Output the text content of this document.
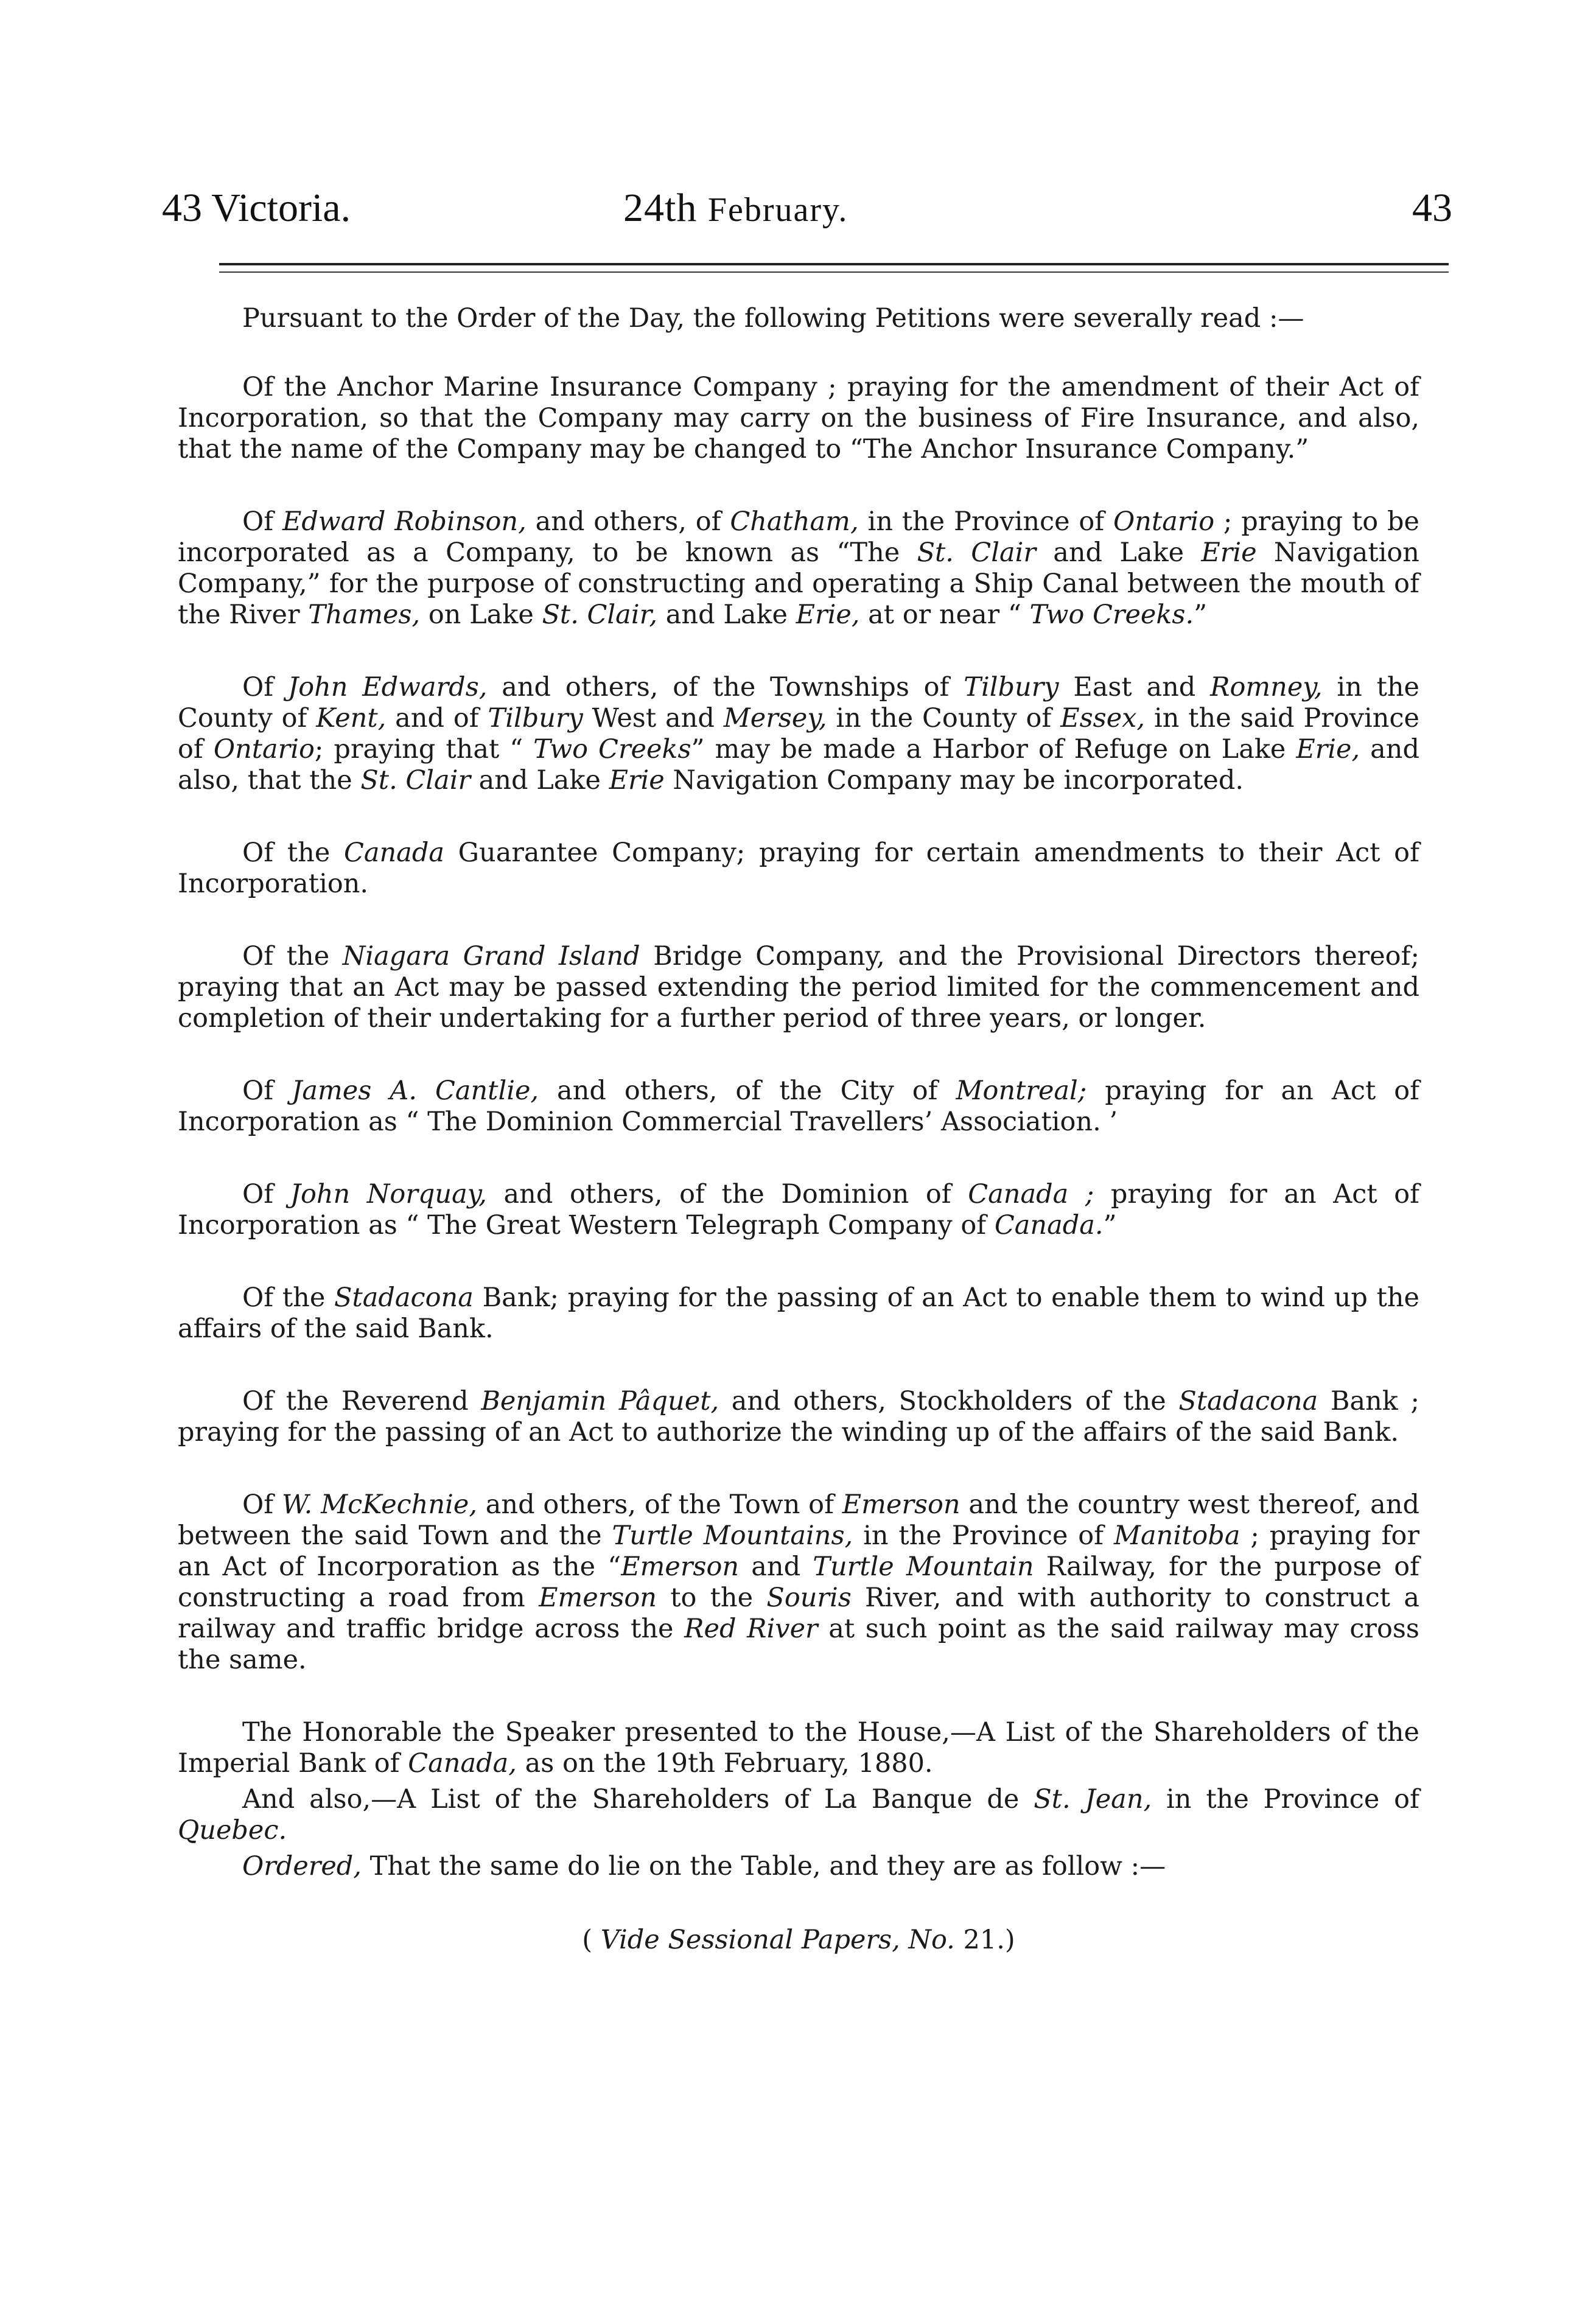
43 Victoria.	24th February.	43

Pursuant to the Order of the Day, the following Petitions were severally read :—

Of the Anchor Marine Insurance Company ; praying for the amendment of their Act of Incorporation, so that the Company may carry on the business of Fire Insurance, and also, that the name of the Company may be changed to “The Anchor Insurance Company.”

Of Edward Robinson, and others, of Chatham, in the Province of Ontario ; praying to be incorporated as a Company, to be known as “The St. Clair and Lake Erie Navigation Company,” for the purpose of constructing and operating a Ship Canal between the mouth of the River Thames, on Lake St. Clair, and Lake Erie, at or near “ Two Creeks.”

Of John Edwards, and others, of the Townships of Tilbury East and Romney, in the County of Kent, and of Tilbury West and Mersey, in the County of Essex, in the said Province of Ontario; praying that “ Two Creeks” may be made a Harbor of Refuge on Lake Erie, and also, that the St. Clair and Lake Erie Navigation Company may be incorporated.

Of the Canada Guarantee Company; praying for certain amendments to their Act of Incorporation.

Of the Niagara Grand Island Bridge Company, and the Provisional Directors thereof; praying that an Act may be passed extending the period limited for the commencement and completion of their undertaking for a further period of three years, or longer.

Of James A. Cantlie, and others, of the City of Montreal; praying for an Act of Incorporation as “ The Dominion Commercial Travellers’ Association. ’

Of John Norquay, and others, of the Dominion of Canada ; praying for an Act of Incorporation as “ The Great Western Telegraph Company of Canada.”

Of the Stadacona Bank; praying for the passing of an Act to enable them to wind up the affairs of the said Bank.

Of the Reverend Benjamin Pâquet, and others, Stockholders of the Stadacona Bank ; praying for the passing of an Act to authorize the winding up of the affairs of the said Bank.

Of W. McKechnie, and others, of the Town of Emerson and the country west thereof, and between the said Town and the Turtle Mountains, in the Province of Manitoba ; praying for an Act of Incorporation as the “Emerson and Turtle Mountain Railway, for the purpose of constructing a road from Emerson to the Souris River, and with authority to construct a railway and traffic bridge across the Red River at such point as the said railway may cross the same.

The Honorable the Speaker presented to the House,—A List of the Shareholders of the Imperial Bank of Canada, as on the 19th February, 1880.

And also,—A List of the Shareholders of La Banque de St. Jean, in the Province of Quebec.

Ordered, That the same do lie on the Table, and they are as follow :—

( Vide Sessional Papers, No. 21.)
